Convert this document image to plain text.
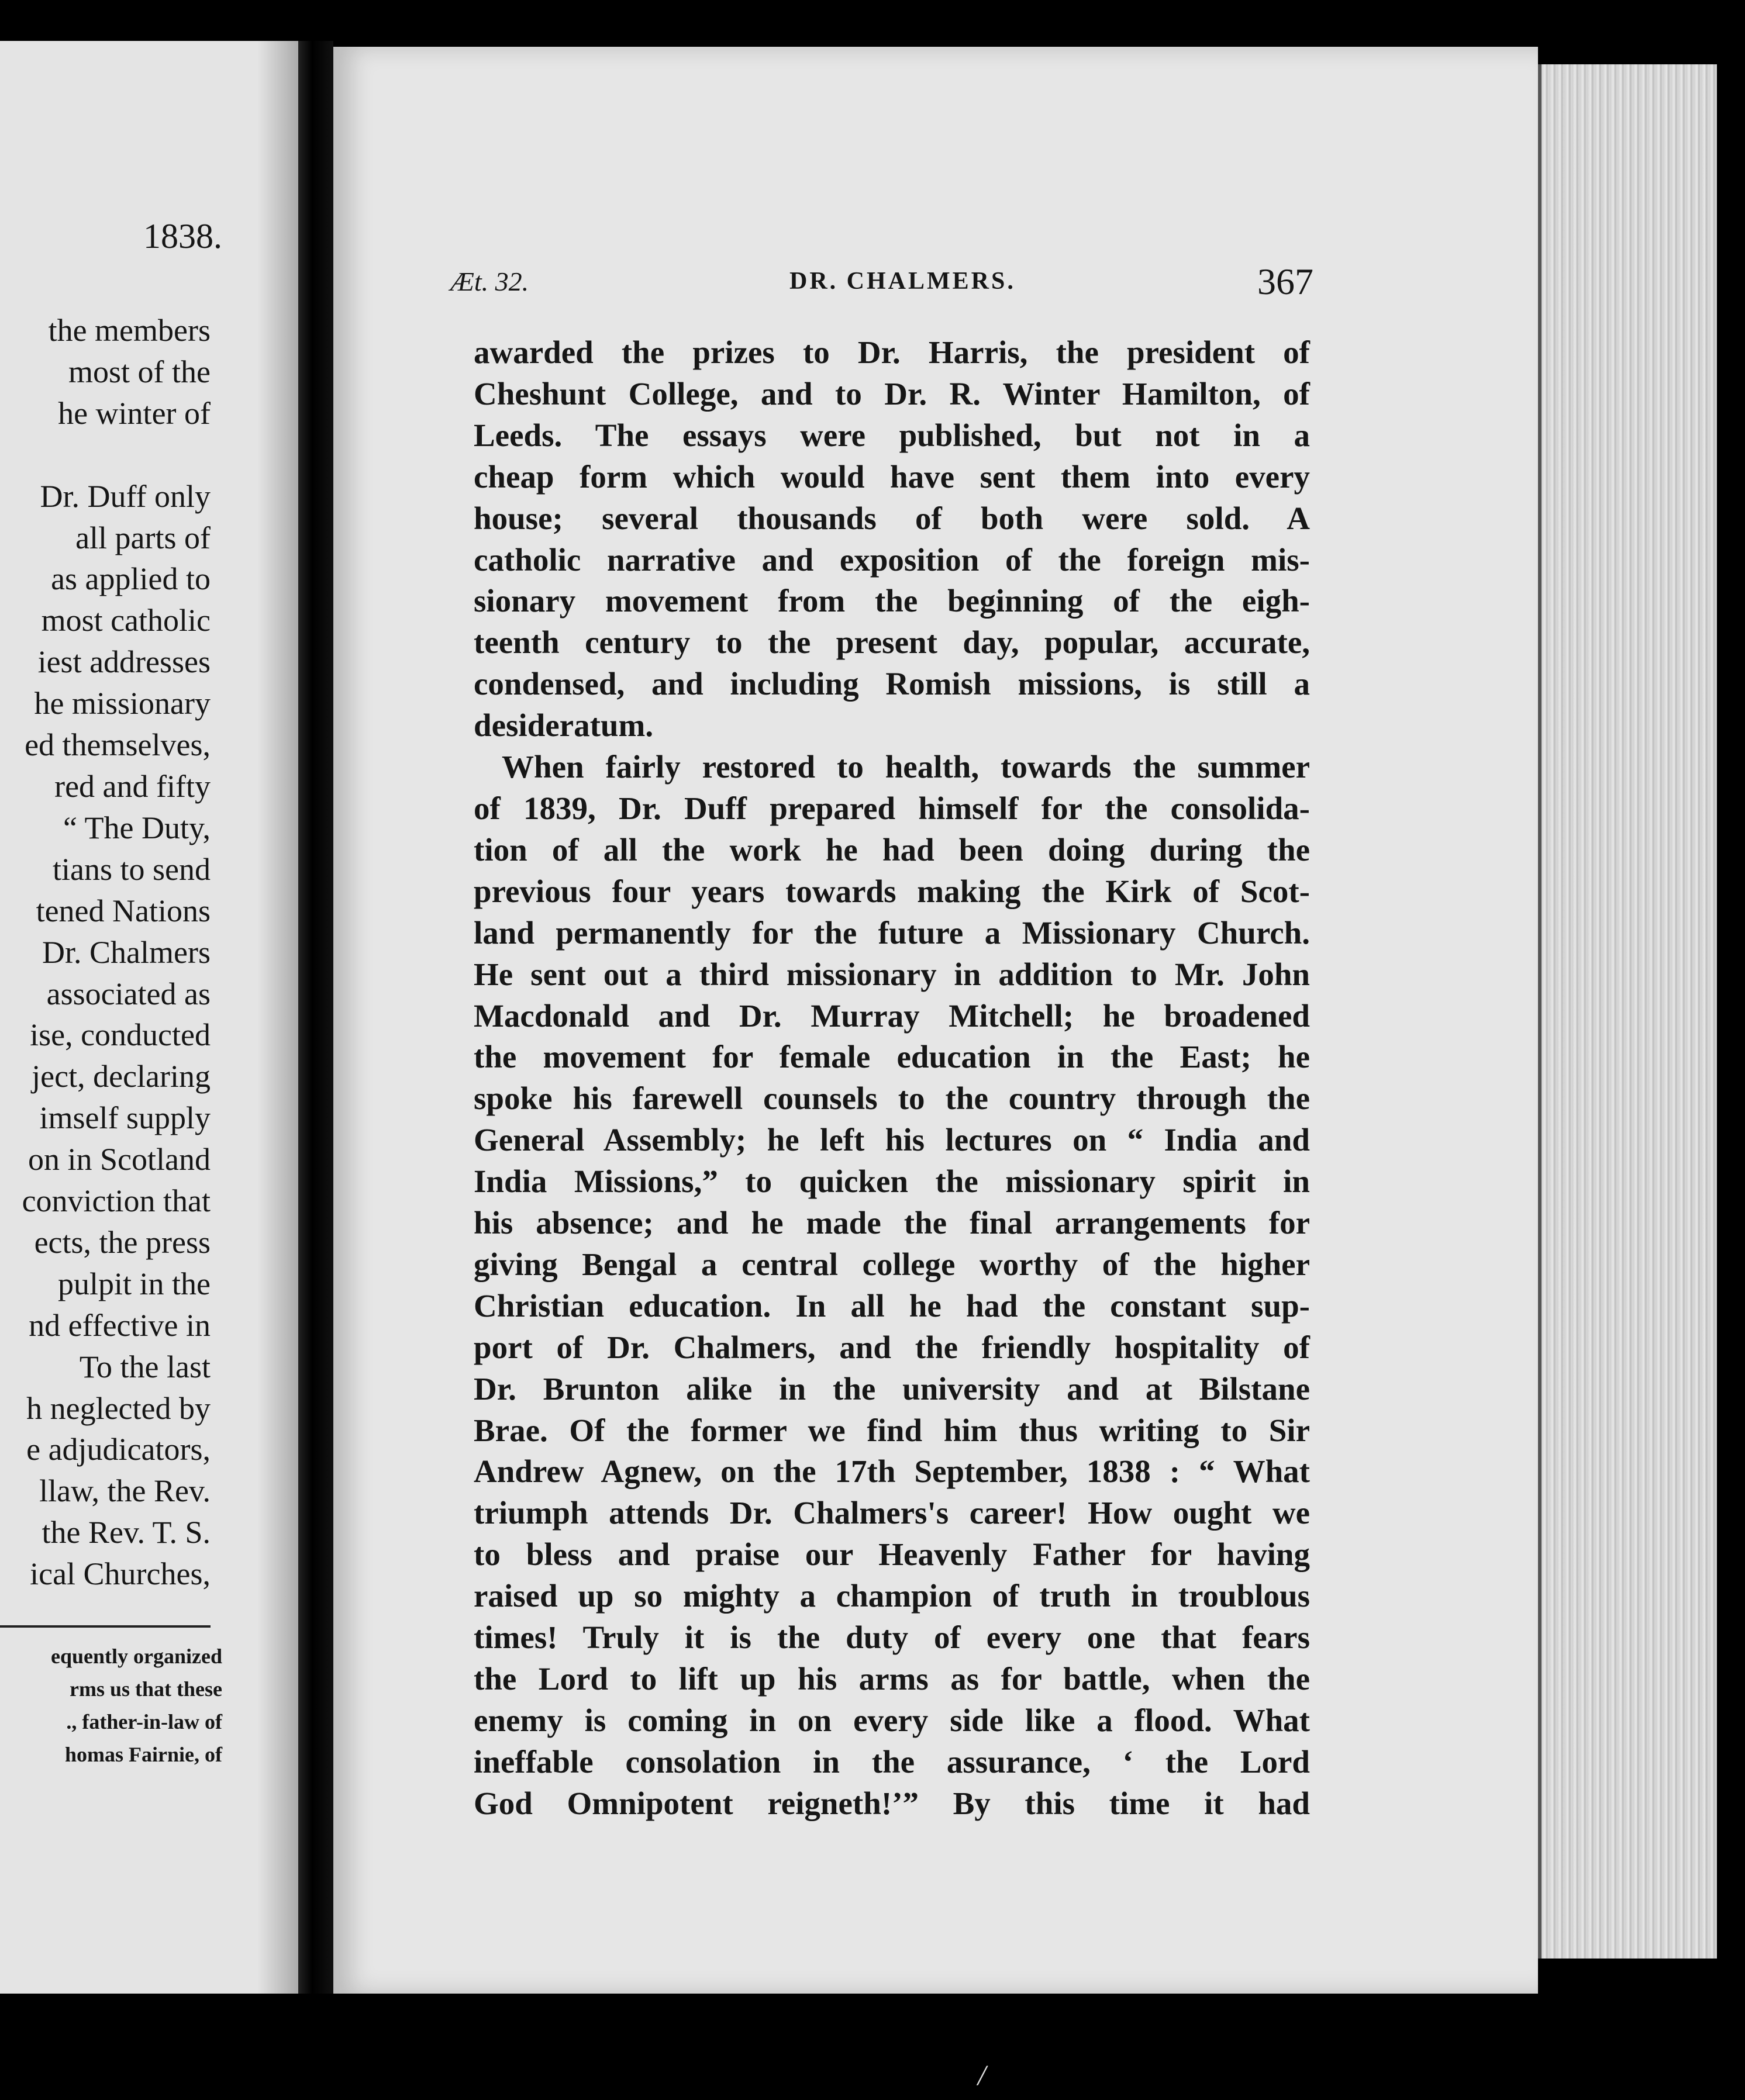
1838.
the members
most of the
he winter of

Dr. Duff only
all parts of
as applied to
most catholic
iest addresses
he missionary
ed themselves,
red and fifty
“ The Duty,
tians to send
tened Nations
Dr. Chalmers
associated as
ise, conducted
ject, declaring
imself supply
on in Scotland
conviction that
ects, the press
pulpit in the
nd effective in
To the last
h neglected by
e adjudicators,
llaw, the Rev.
the Rev. T. S.
ical Churches,
equently organized
rms us that these
., father-in-law of
homas Fairnie, of
Æt. 32.	DR. CHALMERS.	367
awarded the prizes to Dr. Harris, the president of
Cheshunt College, and to Dr. R. Winter Hamilton, of
Leeds. The essays were published, but not in a
cheap form which would have sent them into every
house; several thousands of both were sold. A
catholic narrative and exposition of the foreign mis-
sionary movement from the beginning of the eigh-
teenth century to the present day, popular, accurate,
condensed, and including Romish missions, is still a
desideratum.
When fairly restored to health, towards the summer
of 1839, Dr. Duff prepared himself for the consolida-
tion of all the work he had been doing during the
previous four years towards making the Kirk of Scot-
land permanently for the future a Missionary Church.
He sent out a third missionary in addition to Mr. John
Macdonald and Dr. Murray Mitchell; he broadened
the movement for female education in the East; he
spoke his farewell counsels to the country through the
General Assembly; he left his lectures on “ India and
India Missions,” to quicken the missionary spirit in
his absence; and he made the final arrangements for
giving Bengal a central college worthy of the higher
Christian education. In all he had the constant sup-
port of Dr. Chalmers, and the friendly hospitality of
Dr. Brunton alike in the university and at Bilstane
Brae. Of the former we find him thus writing to Sir
Andrew Agnew, on the 17th September, 1838 : “ What
triumph attends Dr. Chalmers's career! How ought we
to bless and praise our Heavenly Father for having
raised up so mighty a champion of truth in troublous
times! Truly it is the duty of every one that fears
the Lord to lift up his arms as for battle, when the
enemy is coming in on every side like a flood. What
ineffable consolation in the assurance, ‘ the Lord
God Omnipotent reigneth!’” By this time it had
/
